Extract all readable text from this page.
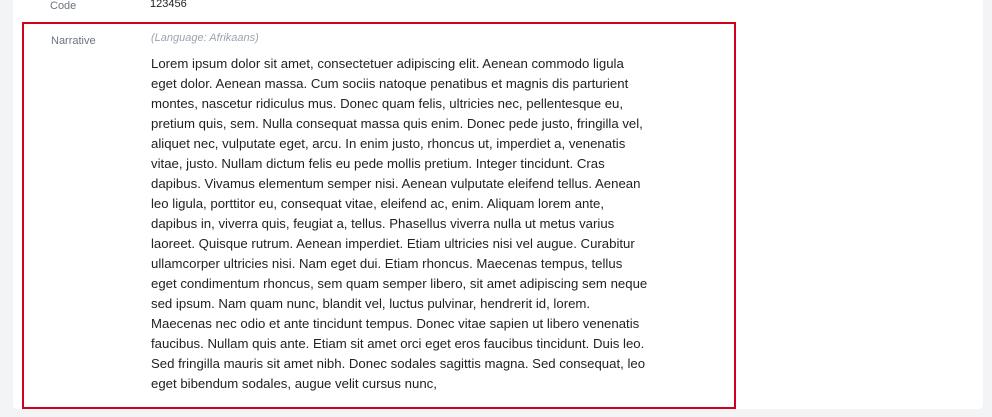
Code	123456
Narrative	(Language: Afrikaans)

Lorem ipsum dolor sit amet, consectetuer adipiscing elit. Aenean commodo ligula eget dolor. Aenean massa. Cum sociis natoque penatibus et magnis dis parturient montes, nascetur ridiculus mus. Donec quam felis, ultricies nec, pellentesque eu, pretium quis, sem. Nulla consequat massa quis enim. Donec pede justo, fringilla vel, aliquet nec, vulputate eget, arcu. In enim justo, rhoncus ut, imperdiet a, venenatis vitae, justo. Nullam dictum felis eu pede mollis pretium. Integer tincidunt. Cras dapibus. Vivamus elementum semper nisi. Aenean vulputate eleifend tellus. Aenean leo ligula, porttitor eu, consequat vitae, eleifend ac, enim. Aliquam lorem ante, dapibus in, viverra quis, feugiat a, tellus. Phasellus viverra nulla ut metus varius laoreet. Quisque rutrum. Aenean imperdiet. Etiam ultricies nisi vel augue. Curabitur ullamcorper ultricies nisi. Nam eget dui. Etiam rhoncus. Maecenas tempus, tellus eget condimentum rhoncus, sem quam semper libero, sit amet adipiscing sem neque sed ipsum. Nam quam nunc, blandit vel, luctus pulvinar, hendrerit id, lorem. Maecenas nec odio et ante tincidunt tempus. Donec vitae sapien ut libero venenatis faucibus. Nullam quis ante. Etiam sit amet orci eget eros faucibus tincidunt. Duis leo. Sed fringilla mauris sit amet nibh. Donec sodales sagittis magna. Sed consequat, leo eget bibendum sodales, augue velit cursus nunc,
